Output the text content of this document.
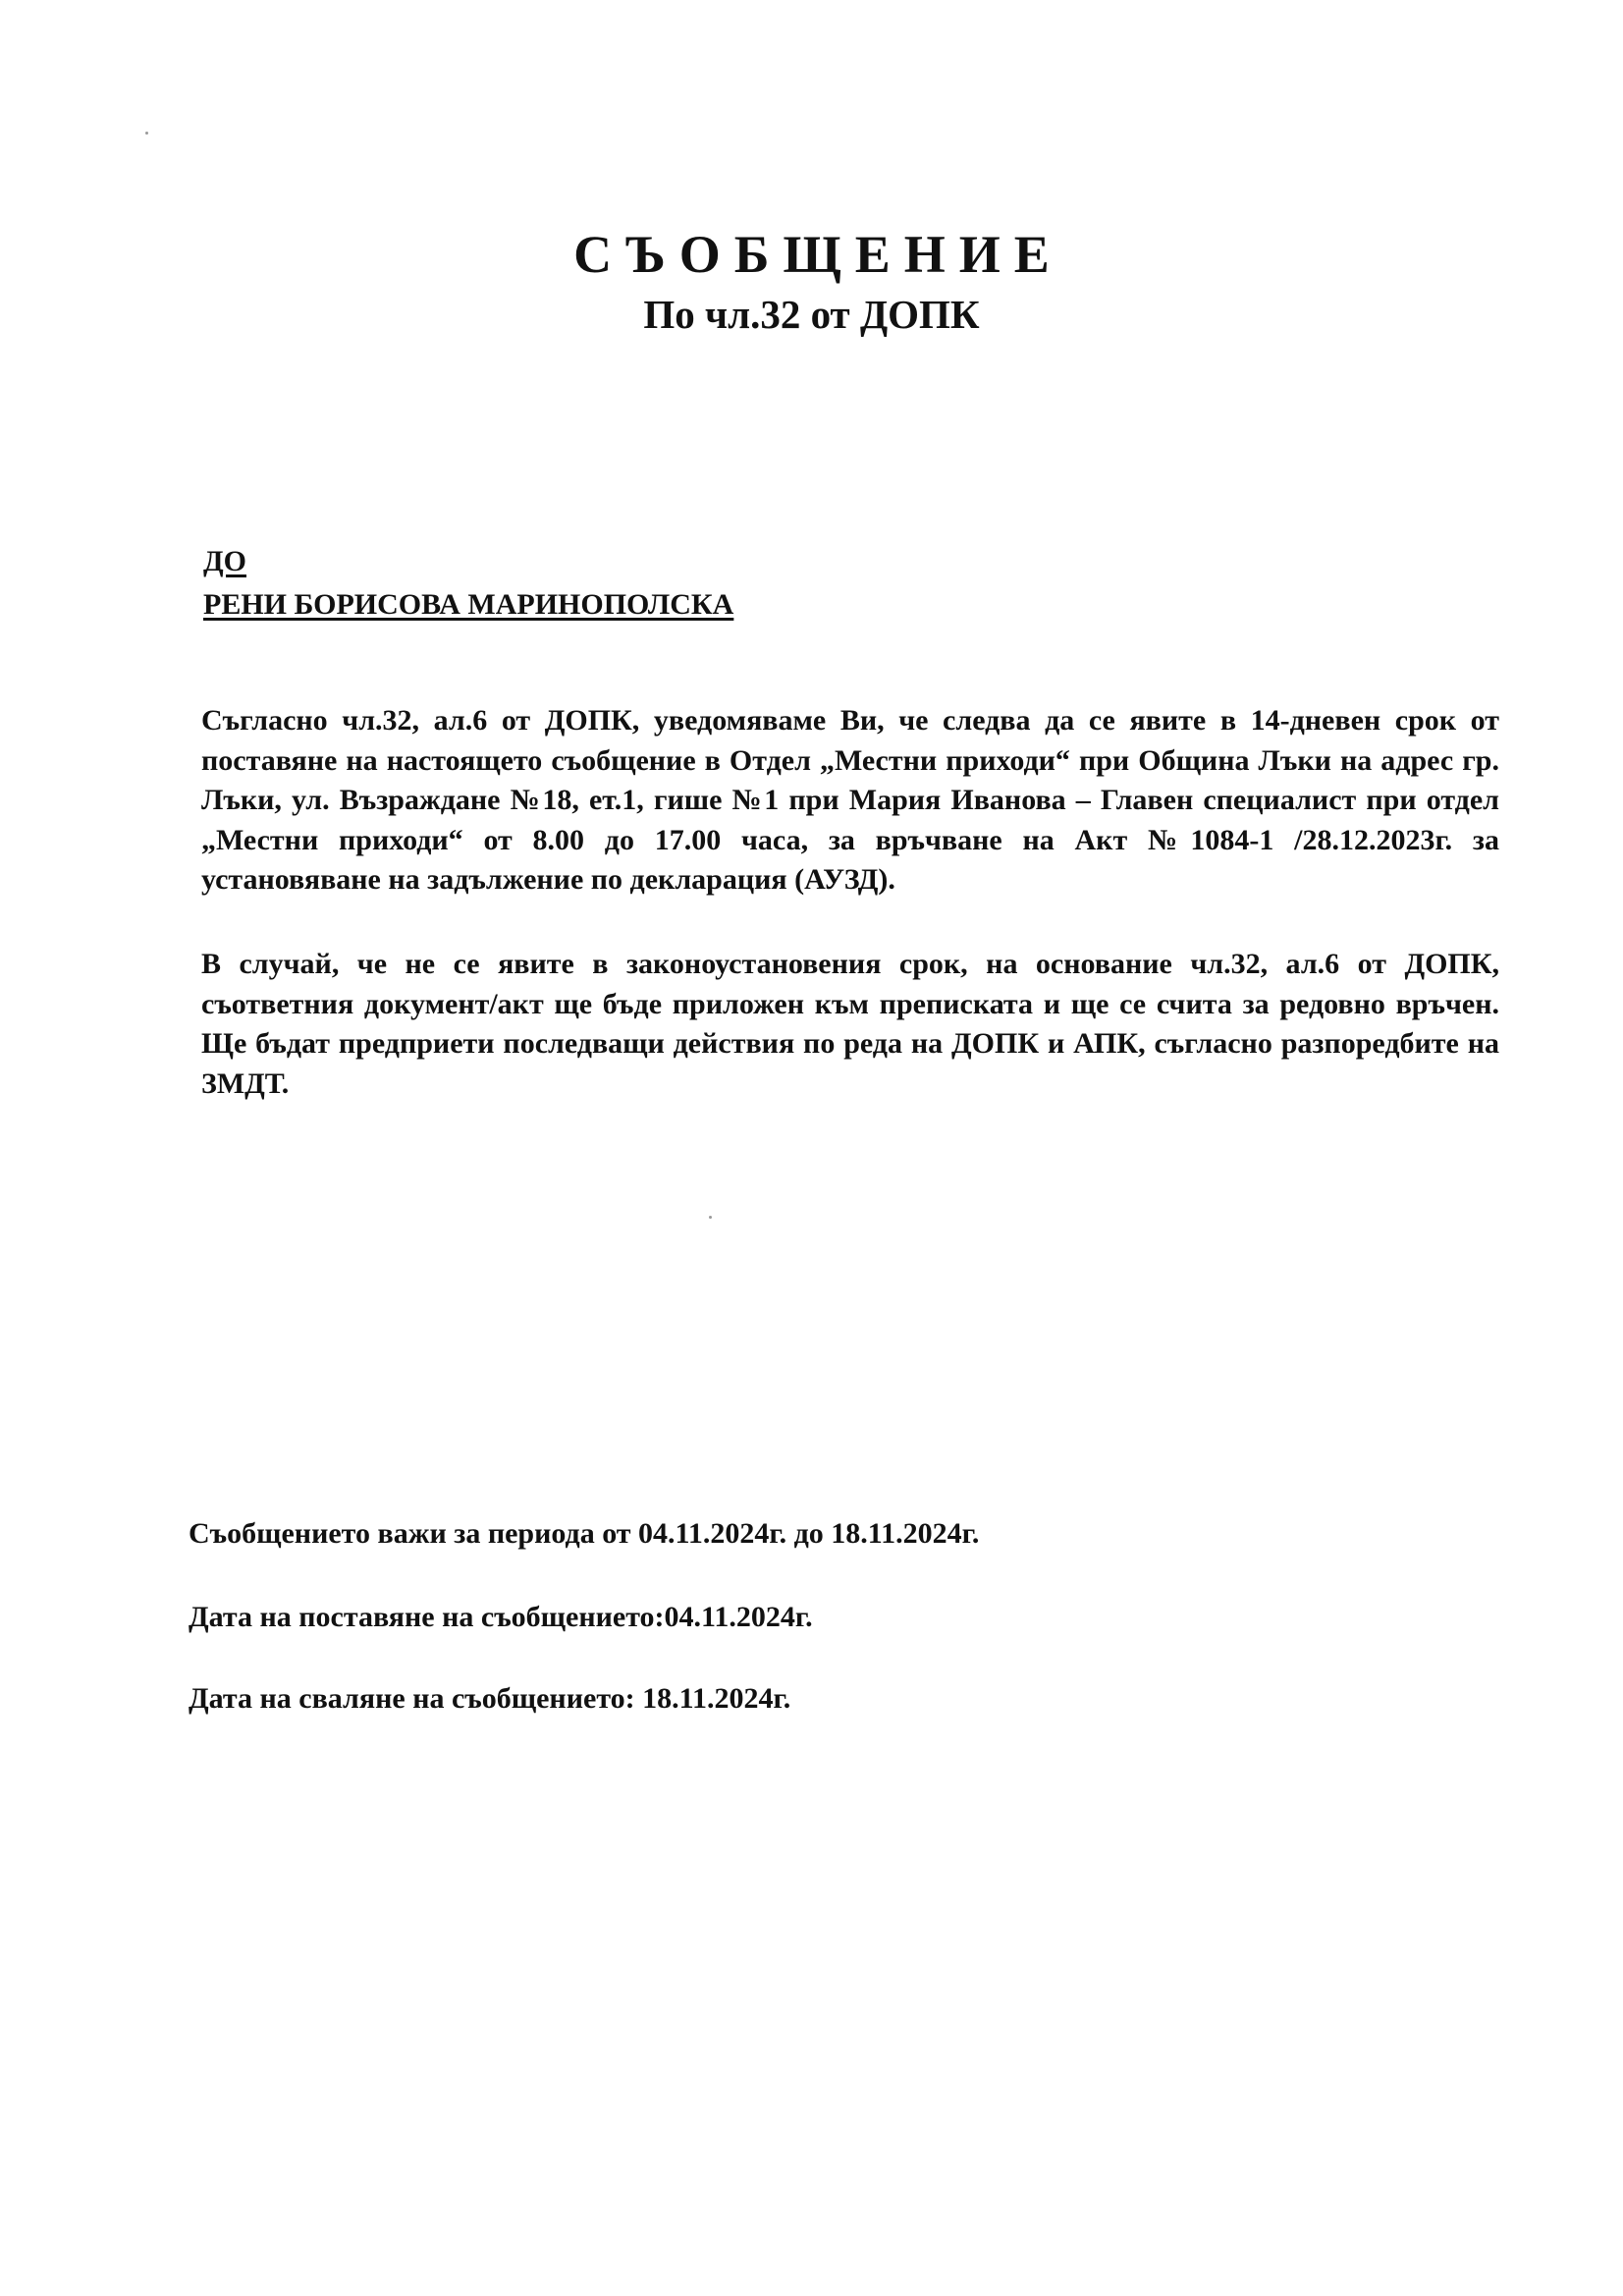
СЪОБЩЕНИЕ
По чл.32 от ДОПК
ДО
РЕНИ БОРИСОВА МАРИНОПОЛСКА

Съгласно чл.32, ал.6 от ДОПК, уведомяваме Ви, че следва да се явите в 14-дневен срок от поставяне на настоящето съобщение в Отдел „Местни приходи“ при Община Лъки на адрес гр. Лъки, ул. Възраждане №18, ет.1, гише №1 при Мария Иванова – Главен специалист при отдел „Местни приходи“ от 8.00 до 17.00 часа, за връчване на Акт №1084-1 /28.12.2023г. за установяване на задължение по декларация (АУЗД).

В случай, че не се явите в законоустановения срок, на основание чл.32, ал.6 от ДОПК, съответния документ/акт ще бъде приложен към преписката и ще се счита за редовно връчен. Ще бъдат предприети последващи действия по реда на ДОПК и АПК, съгласно разпоредбите на ЗМДТ.

Съобщението важи за периода от 04.11.2024г. до 18.11.2024г.
Дата на поставяне на съобщението:04.11.2024г.
Дата на сваляне на съобщението: 18.11.2024г.
